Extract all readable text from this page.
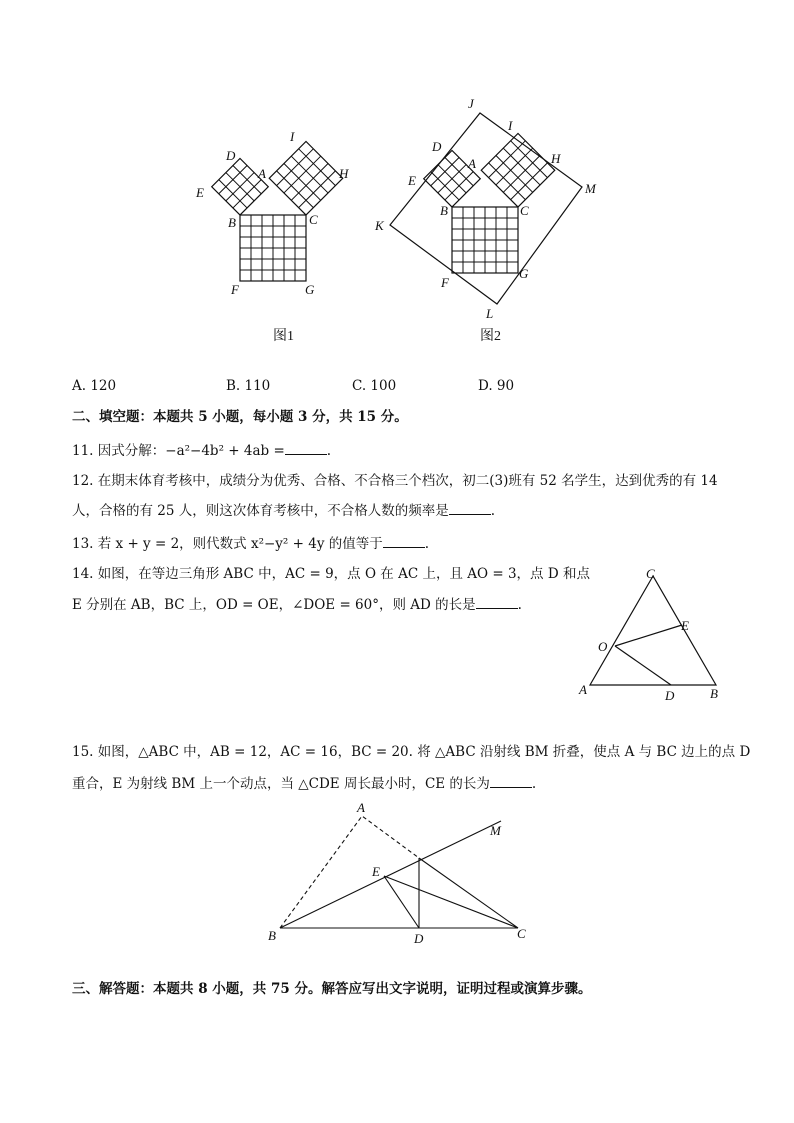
D
A
I
H
E
B	C
F	G
图1
J
I
D
A	H
M
E
B	C
K
F
G
L
图2
A. 120	B. 110	C. 100	D. 90
二、填空题：本题共 5 小题，每小题 3 分，共 15 分。
11. 因式分解：−a²−4b² + 4ab =	.
12. 在期末体育考核中，成绩分为优秀、合格、不合格三个档次，初二(3)班有 52 名学生，达到优秀的有 14
人，合格的有 25 人，则这次体育考核中，不合格人数的频率是	.
13. 若 x + y = 2，则代数式 x²−y² + 4y 的值等于	.
14. 如图，在等边三角形 ABC 中，AC = 9，点 O 在 AC 上，且 AO = 3，点 D 和点
E 分别在 AB，BC 上，OD = OE，∠DOE = 60°，则 AD 的长是	.
C
E
O
A	D	B
15. 如图，△ABC 中，AB = 12，AC = 16，BC = 20. 将 △ABC 沿射线 BM 折叠，使点 A 与 BC 边上的点 D
重合，E 为射线 BM 上一个动点，当 △CDE 周长最小时，CE 的长为	.
A
M
E
B	D	C
三、解答题：本题共 8 小题，共 75 分。解答应写出文字说明，证明过程或演算步骤。
